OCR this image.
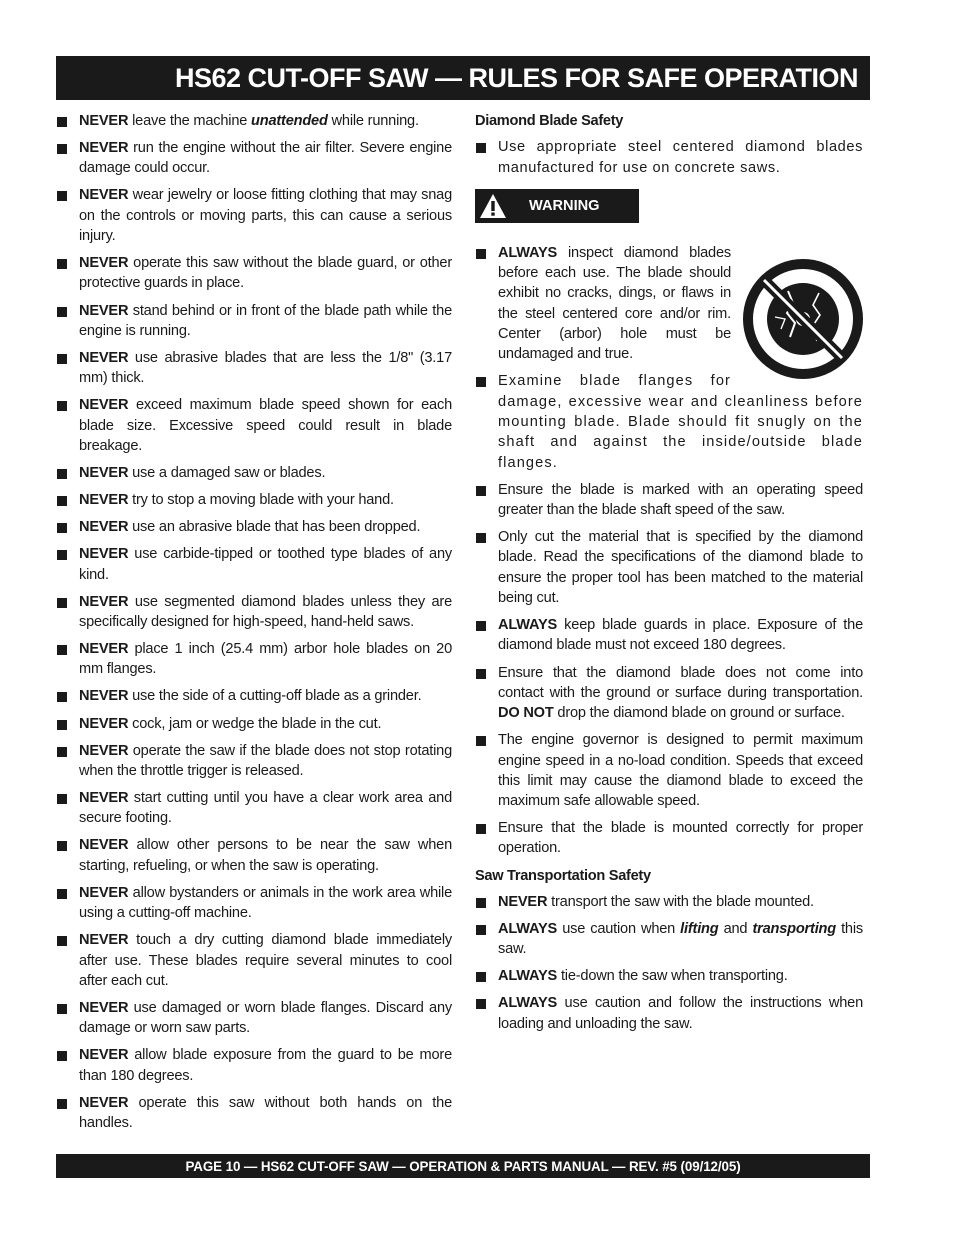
HS62 CUT-OFF SAW — RULES FOR SAFE OPERATION
NEVER leave the machine unattended while running.
NEVER run the engine without the air filter. Severe engine damage could occur.
NEVER wear jewelry or loose fitting clothing that may snag on the controls or moving parts, this can cause a serious injury.
NEVER operate this saw without the blade guard, or other protective guards in place.
NEVER stand behind or in front of the blade path while the engine is running.
NEVER use abrasive blades that are less the 1/8" (3.17 mm) thick.
NEVER exceed maximum blade speed shown for each blade size. Excessive speed could result in blade breakage.
NEVER use a damaged saw or blades.
NEVER try to stop a moving blade with your hand.
NEVER use an abrasive blade that has been dropped.
NEVER use carbide-tipped or toothed type blades of any kind.
NEVER use segmented diamond blades unless they are specifically designed for high-speed, hand-held saws.
NEVER place 1 inch (25.4 mm) arbor hole blades on 20 mm flanges.
NEVER use the side of a cutting-off blade as a grinder.
NEVER cock, jam or wedge the blade in the cut.
NEVER operate the saw if the blade does not stop rotating when the throttle trigger is released.
NEVER start cutting until you have a clear work area and secure footing.
NEVER allow other persons to be near the saw when starting, refueling, or when the saw is operating.
NEVER allow bystanders or animals in the work area while using a cutting-off machine.
NEVER touch a dry cutting diamond blade immediately after use. These blades require several minutes to cool after each cut.
NEVER use damaged or worn blade flanges. Discard any damage or worn saw parts.
NEVER allow blade exposure from the guard to be more than 180 degrees.
NEVER operate this saw without both hands on the handles.
Diamond Blade Safety
Use appropriate steel centered diamond blades manufactured for use on concrete saws.
WARNING
ALWAYS inspect diamond blades before each use. The blade should exhibit no cracks, dings, or flaws in the steel centered core and/or rim. Center (arbor) hole must be undamaged and true.
Examine blade flanges for damage, excessive wear and cleanliness before mounting blade. Blade should fit snugly on the shaft and against the inside/outside blade flanges.
Ensure the blade is marked with an operating speed greater than the blade shaft speed of the saw.
Only cut the material that is specified by the diamond blade. Read the specifications of the diamond blade to ensure the proper tool has been matched to the material being cut.
ALWAYS keep blade guards in place. Exposure of the diamond blade must not exceed 180 degrees.
Ensure that the diamond blade does not come into contact with the ground or surface during transportation. DO NOT drop the diamond blade on ground or surface.
The engine governor is designed to permit maximum engine speed in a no-load condition. Speeds that exceed this limit may cause the diamond blade to exceed the maximum safe allowable speed.
Ensure that the blade is mounted correctly for proper operation.
Saw Transportation Safety
NEVER transport the saw with the blade mounted.
ALWAYS use caution when lifting and transporting this saw.
ALWAYS tie-down the saw when transporting.
ALWAYS use caution and follow the instructions when loading and unloading the saw.
PAGE 10 — HS62 CUT-OFF SAW — OPERATION & PARTS MANUAL — REV. #5 (09/12/05)
